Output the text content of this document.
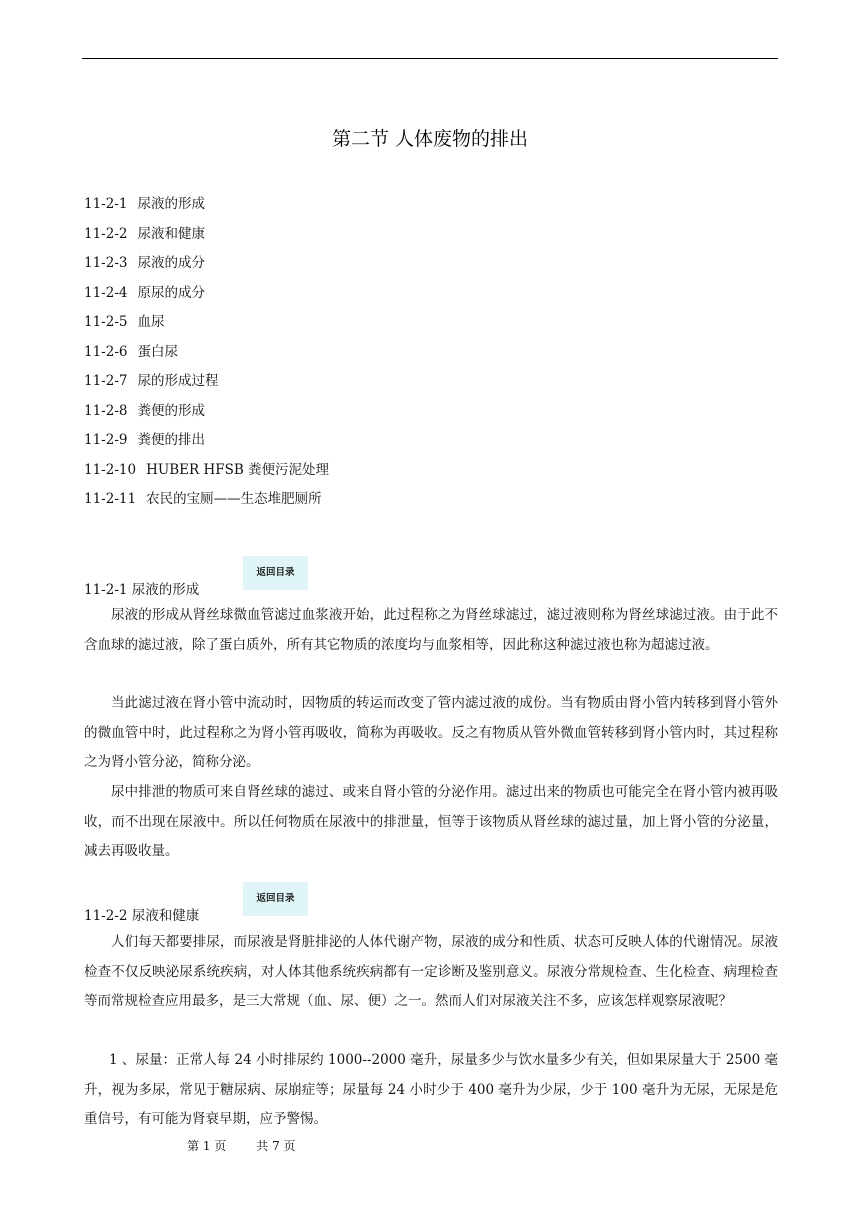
第二节 人体废物的排出
11-2-1 尿液的形成
11-2-2 尿液和健康
11-2-3 尿液的成分
11-2-4 原尿的成分
11-2-5 血尿
11-2-6 蛋白尿
11-2-7 尿的形成过程
11-2-8 粪便的形成
11-2-9 粪便的排出
11-2-10 HUBER HFSB 粪便污泥处理
11-2-11 农民的宝厕——生态堆肥厕所
返回目录
11-2-1 尿液的形成

尿液的形成从肾丝球微血管滤过血浆液开始，此过程称之为肾丝球滤过，滤过液则称为肾丝球滤过液。由于此不含血球的滤过液，除了蛋白质外，所有其它物质的浓度均与血浆相等，因此称这种滤过液也称为超滤过液。

当此滤过液在肾小管中流动时，因物质的转运而改变了管内滤过液的成份。当有物质由肾小管内转移到肾小管外的微血管中时，此过程称之为肾小管再吸收，简称为再吸收。反之有物质从管外微血管转移到肾小管内时，其过程称之为肾小管分泌，简称分泌。

尿中排泄的物质可来自肾丝球的滤过、或来自肾小管的分泌作用。滤过出来的物质也可能完全在肾小管内被再吸收，而不出现在尿液中。所以任何物质在尿液中的排泄量，恒等于该物质从肾丝球的滤过量，加上肾小管的分泌量，减去再吸收量。

返回目录
11-2-2 尿液和健康

人们每天都要排尿，而尿液是肾脏排泌的人体代谢产物，尿液的成分和性质、状态可反映人体的代谢情况。尿液检查不仅反映泌尿系统疾病，对人体其他系统疾病都有一定诊断及鉴别意义。尿液分常规检查、生化检查、病理检查等而常规检查应用最多，是三大常规（血、尿、便）之一。然而人们对尿液关注不多，应该怎样观察尿液呢？

1 、尿量：正常人每 24 小时排尿约 1000--2000 毫升，尿量多少与饮水量多少有关，但如果尿量大于 2500 毫升，视为多尿，常见于糖尿病、尿崩症等；尿量每 24 小时少于 400 毫升为少尿，少于 100 毫升为无尿，无尿是危重信号，有可能为肾衰早期，应予警惕。

第 1 页	共 7 页
